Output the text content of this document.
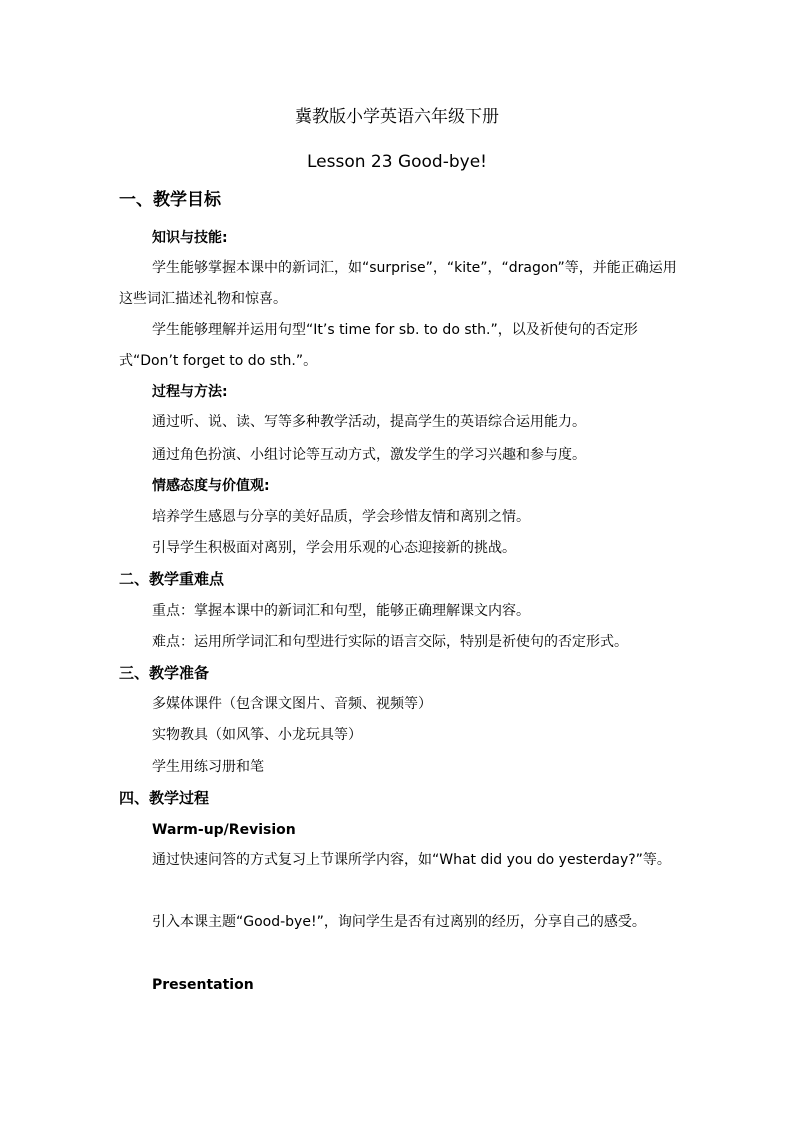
冀教版小学英语六年级下册
Lesson 23 Good-bye!
一、教学目标
知识与技能:
学生能够掌握本课中的新词汇，如“surprise”，“kite”，“dragon”等，并能正确运用这些词汇描述礼物和惊喜。
学生能够理解并运用句型“It’s time for sb. to do sth.”，以及祈使句的否定形式“Don’t forget to do sth.”。
过程与方法:
通过听、说、读、写等多种教学活动，提高学生的英语综合运用能力。
通过角色扮演、小组讨论等互动方式，激发学生的学习兴趣和参与度。
情感态度与价值观:
培养学生感恩与分享的美好品质，学会珍惜友情和离别之情。
引导学生积极面对离别，学会用乐观的心态迎接新的挑战。
二、教学重难点
重点：掌握本课中的新词汇和句型，能够正确理解课文内容。
难点：运用所学词汇和句型进行实际的语言交际，特别是祈使句的否定形式。
三、教学准备
多媒体课件（包含课文图片、音频、视频等）
实物教具（如风筝、小龙玩具等）
学生用练习册和笔
四、教学过程
Warm-up/Revision
通过快速问答的方式复习上节课所学内容，如“What did you do yesterday?”等。
引入本课主题“Good-bye!”，询问学生是否有过离别的经历，分享自己的感受。
Presentation
